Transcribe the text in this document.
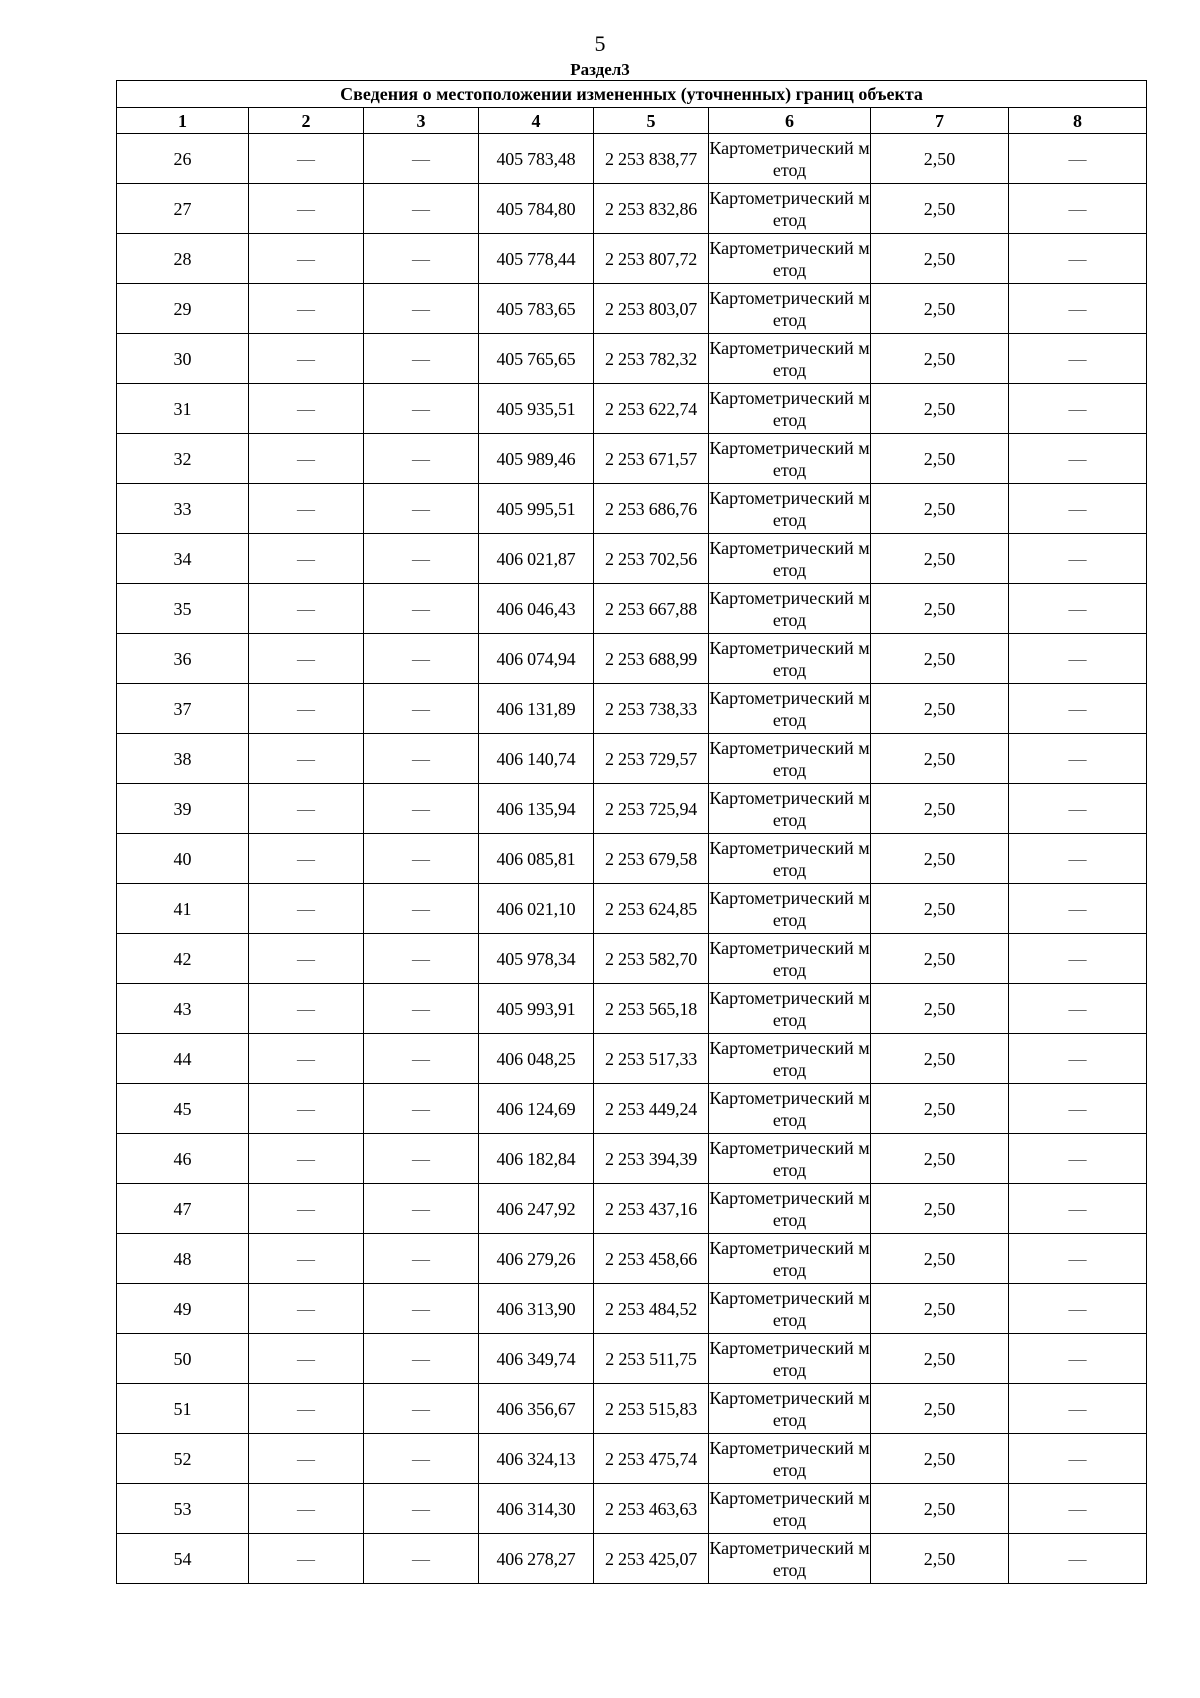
5
Раздел3
Сведения о местоположении измененных (уточненных) границ объекта							
1	2	3	4	5	6	7	8
26	—	—	405 783,48	2 253 838,77	Картометрический метод	2,50	—
27	—	—	405 784,80	2 253 832,86	Картометрический метод	2,50	—
28	—	—	405 778,44	2 253 807,72	Картометрический метод	2,50	—
29	—	—	405 783,65	2 253 803,07	Картометрический метод	2,50	—
30	—	—	405 765,65	2 253 782,32	Картометрический метод	2,50	—
31	—	—	405 935,51	2 253 622,74	Картометрический метод	2,50	—
32	—	—	405 989,46	2 253 671,57	Картометрический метод	2,50	—
33	—	—	405 995,51	2 253 686,76	Картометрический метод	2,50	—
34	—	—	406 021,87	2 253 702,56	Картометрический метод	2,50	—
35	—	—	406 046,43	2 253 667,88	Картометрический метод	2,50	—
36	—	—	406 074,94	2 253 688,99	Картометрический метод	2,50	—
37	—	—	406 131,89	2 253 738,33	Картометрический метод	2,50	—
38	—	—	406 140,74	2 253 729,57	Картометрический метод	2,50	—
39	—	—	406 135,94	2 253 725,94	Картометрический метод	2,50	—
40	—	—	406 085,81	2 253 679,58	Картометрический метод	2,50	—
41	—	—	406 021,10	2 253 624,85	Картометрический метод	2,50	—
42	—	—	405 978,34	2 253 582,70	Картометрический метод	2,50	—
43	—	—	405 993,91	2 253 565,18	Картометрический метод	2,50	—
44	—	—	406 048,25	2 253 517,33	Картометрический метод	2,50	—
45	—	—	406 124,69	2 253 449,24	Картометрический метод	2,50	—
46	—	—	406 182,84	2 253 394,39	Картометрический метод	2,50	—
47	—	—	406 247,92	2 253 437,16	Картометрический метод	2,50	—
48	—	—	406 279,26	2 253 458,66	Картометрический метод	2,50	—
49	—	—	406 313,90	2 253 484,52	Картометрический метод	2,50	—
50	—	—	406 349,74	2 253 511,75	Картометрический метод	2,50	—
51	—	—	406 356,67	2 253 515,83	Картометрический метод	2,50	—
52	—	—	406 324,13	2 253 475,74	Картометрический метод	2,50	—
53	—	—	406 314,30	2 253 463,63	Картометрический метод	2,50	—
54	—	—	406 278,27	2 253 425,07	Картометрический метод	2,50	—
